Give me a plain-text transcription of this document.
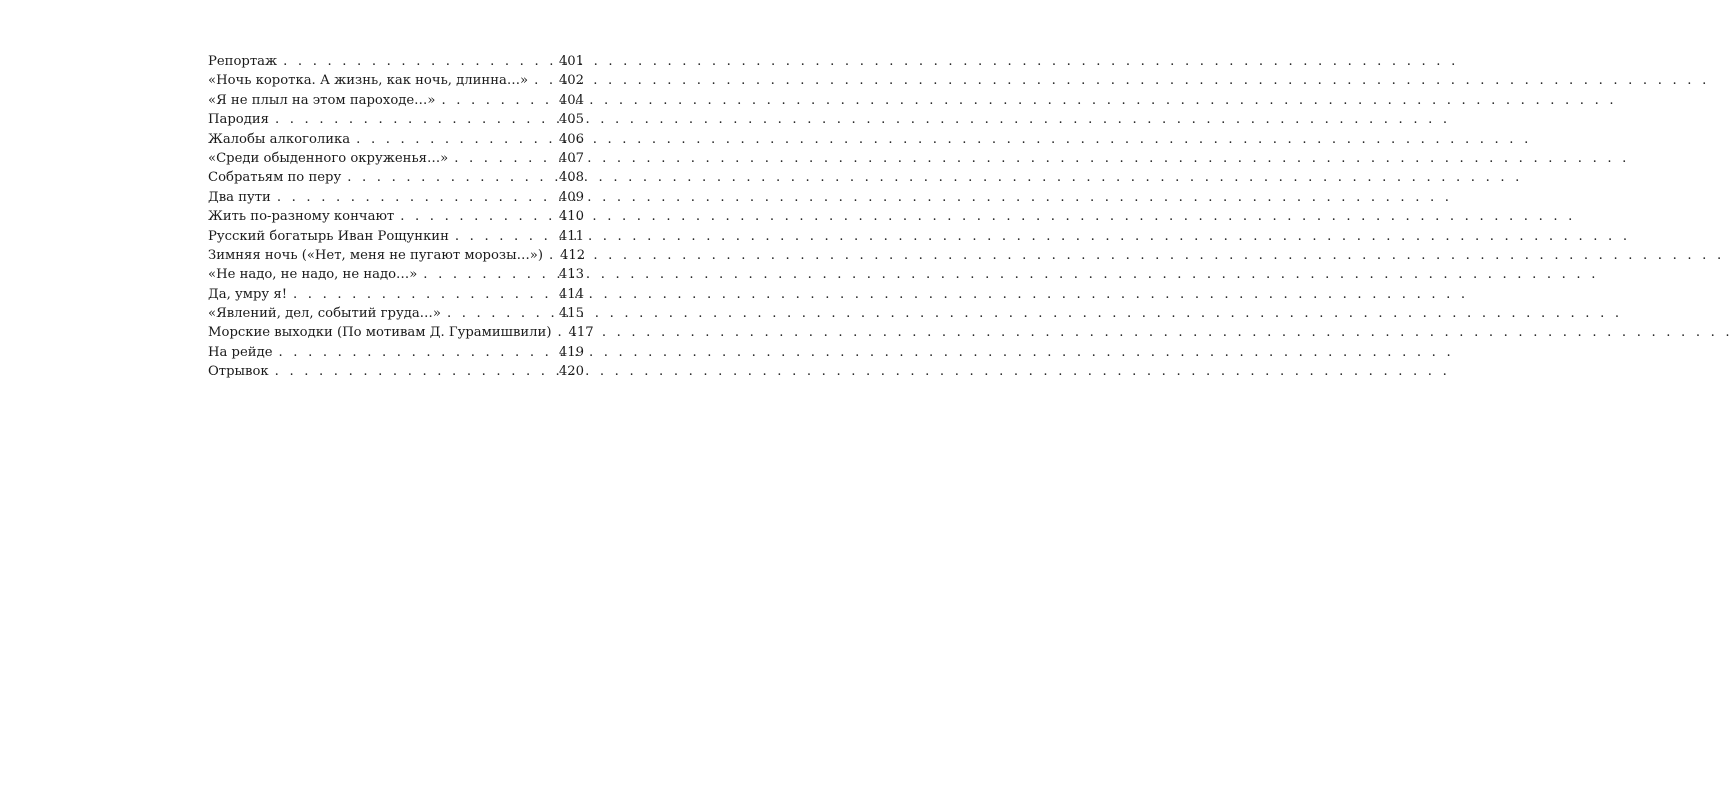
Репортаж . . .	401
«Ночь коротка. А жизнь, как ночь, длинна…» . . . 402
«Я не плыл на этом пароходе…» . . .	404
Пародия . . .	405
Жалобы алкоголика . . .	406
«Среди обыденного окруженья…» . . .	407
Собратьям по перу . . .	408
Два пути . . .	409
Жить по-разному кончают . . .	410
Русский богатырь Иван Рощункин . . .	411
Зимняя ночь («Нет, меня не пугают морозы…») . . . 412
«Не надо, не надо, не надо…» . . .	413
Да, умру я! . . .	414
«Явлений, дел, событий груда…» . . .	415
Морские выходки (По мотивам Д. Гурамишвили) . . . 417
На рейде . . .	419
Отрывок . . .	420
